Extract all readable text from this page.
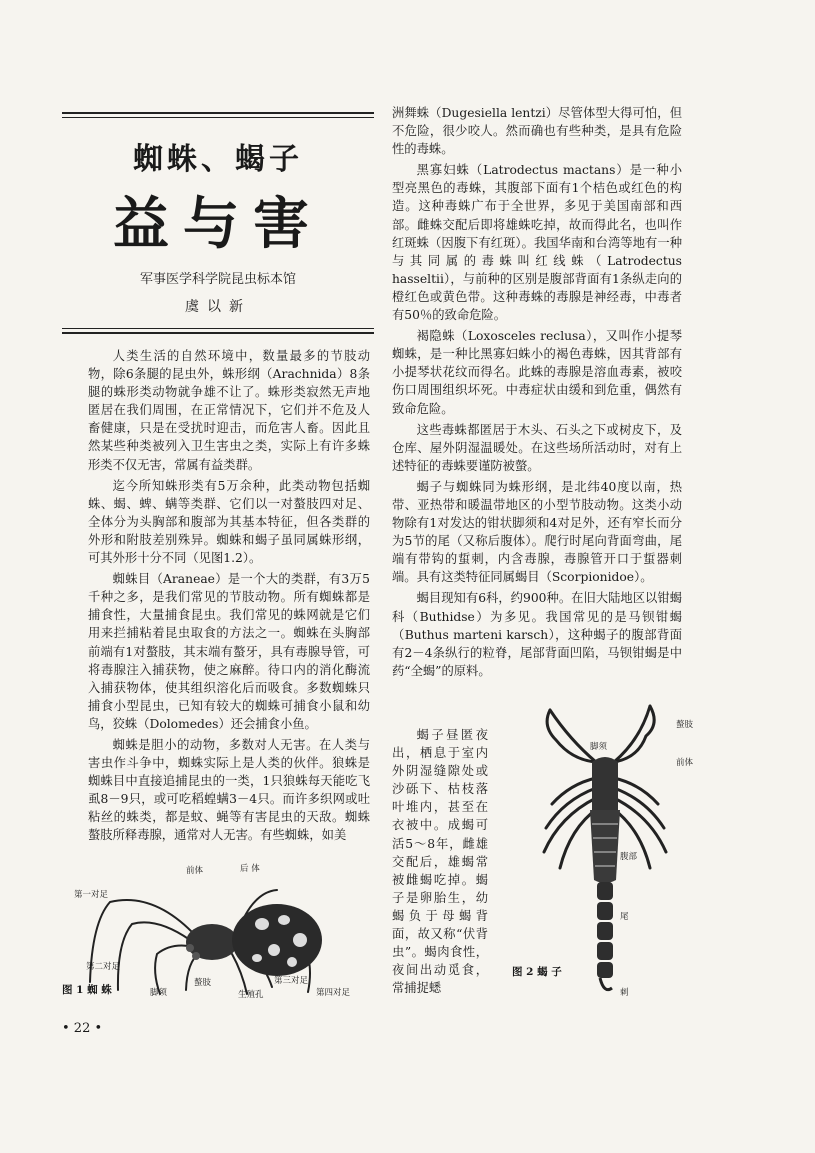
蜘蛛、蝎子
益与害
军事医学科学院昆虫标本馆
虞以新

人类生活的自然环境中，数量最多的节肢动物，除6条腿的昆虫外，蛛形纲（Arachnida）8条腿的蛛形类动物就争雄不让了。蛛形类寂然无声地匿居在我们周围，在正常情况下，它们并不危及人畜健康，只是在受扰时迎击，而危害人畜。因此且然某些种类被列入卫生害虫之类，实际上有许多蛛形类不仅无害，常属有益类群。

迄今所知蛛形类有5万余种，此类动物包括蜘蛛、蝎、蜱、螨等类群、它们以一对螯肢四对足、全体分为头胸部和腹部为其基本特征，但各类群的外形和附肢差别殊异。蜘蛛和蝎子虽同属蛛形纲，可其外形十分不同（见图1.2）。

蜘蛛目（Araneae）是一个大的类群，有3万5千种之多，是我们常见的节肢动物。所有蜘蛛都是捕食性，大量捕食昆虫。我们常见的蛛网就是它们用来拦捕粘着昆虫取食的方法之一。蜘蛛在头胸部前端有1对螯肢，其末端有螯牙，具有毒腺导管，可将毒腺注入捕获物，使之麻醉。待口内的消化酶流入捕获物体，使其组织溶化后而吸食。多数蜘蛛只捕食小型昆虫，已知有较大的蜘蛛可捕食小鼠和幼鸟，狡蛛（Dolomedes）还会捕食小鱼。

蜘蛛是胆小的动物，多数对人无害。在人类与害虫作斗争中，蜘蛛实际上是人类的伙伴。狼蛛是蜘蛛目中直接追捕昆虫的一类，1只狼蛛每天能吃飞虱8－9只，或可吃稻蝗螨3－4只。而许多织网或吐粘丝的蛛类，都是蚊、蝇等有害昆虫的天敌。蜘蛛螯肢所释毒腺，通常对人无害。有些蜘蛛，如美

前体	后 体
第一对足
第二对足
脚须
螯肢
生殖孔
第三对足
第四对足
图 1 蜘 蛛

洲舞蛛（Dugesiella lentzi）尽管体型大得可怕，但不危险，很少咬人。然而确也有些种类，是具有危险性的毒蛛。

黑寡妇蛛（Latrodectus mactans）是一种小型亮黑色的毒蛛，其腹部下面有1个桔色或红色的构造。这种毒蛛广布于全世界，多见于美国南部和西部。雌蛛交配后即将雄蛛吃掉，故而得此名，也叫作红斑蛛（因腹下有红斑）。我国华南和台湾等地有一种与其同属的毒蛛叫红线蛛（Latrodectus hasseltii），与前种的区别是腹部背面有1条纵走向的橙红色或黄色带。这种毒蛛的毒腺是神经毒，中毒者有50％的致命危险。

褐隐蛛（Loxosceles reclusa），又叫作小提琴蜘蛛，是一种比黑寡妇蛛小的褐色毒蛛，因其背部有小提琴状花纹而得名。此蛛的毒腺是溶血毒素，被咬伤口周围组织坏死。中毒症状由缓和到危重，偶然有致命危险。

这些毒蛛都匿居于木头、石头之下或树皮下，及仓库、屋外阴湿温暖处。在这些场所活动时，对有上述特征的毒蛛要谨防被螫。

蝎子与蜘蛛同为蛛形纲，是北纬40度以南，热带、亚热带和暖温带地区的小型节肢动物。这类小动物除有1对发达的钳状脚须和4对足外，还有窄长而分为5节的尾（又称后腹体）。爬行时尾向背面弯曲，尾端有带钩的蜇刺，内含毒腺，毒腺管开口于蜇器刺端。具有这类特征同属蝎目（Scorpionidoe）。

蝎目现知有6科，约900种。在旧大陆地区以钳蝎科（Buthidse）为多见。我国常见的是马钡钳蝎（Buthus marteni karsch），这种蝎子的腹部背面有2－4条纵行的粒脊，尾部背面凹陷，马钡钳蝎是中药“全蝎”的原料。

蝎子昼匿夜出，栖息于室内外阴湿缝隙处或沙砾下、枯枝落叶堆内，甚至在衣被中。成蝎可活5～8年，雌雄交配后，雄蝎常被雌蝎吃掉。蝎子是卵胎生，幼蝎负于母蝎背面，故又称“伏背虫”。蝎肉食性，夜间出动觅食，常捕捉蟋

螯肢
脚须
前体
腹部
尾
刺
图 2 蝎 子
• 22 •
